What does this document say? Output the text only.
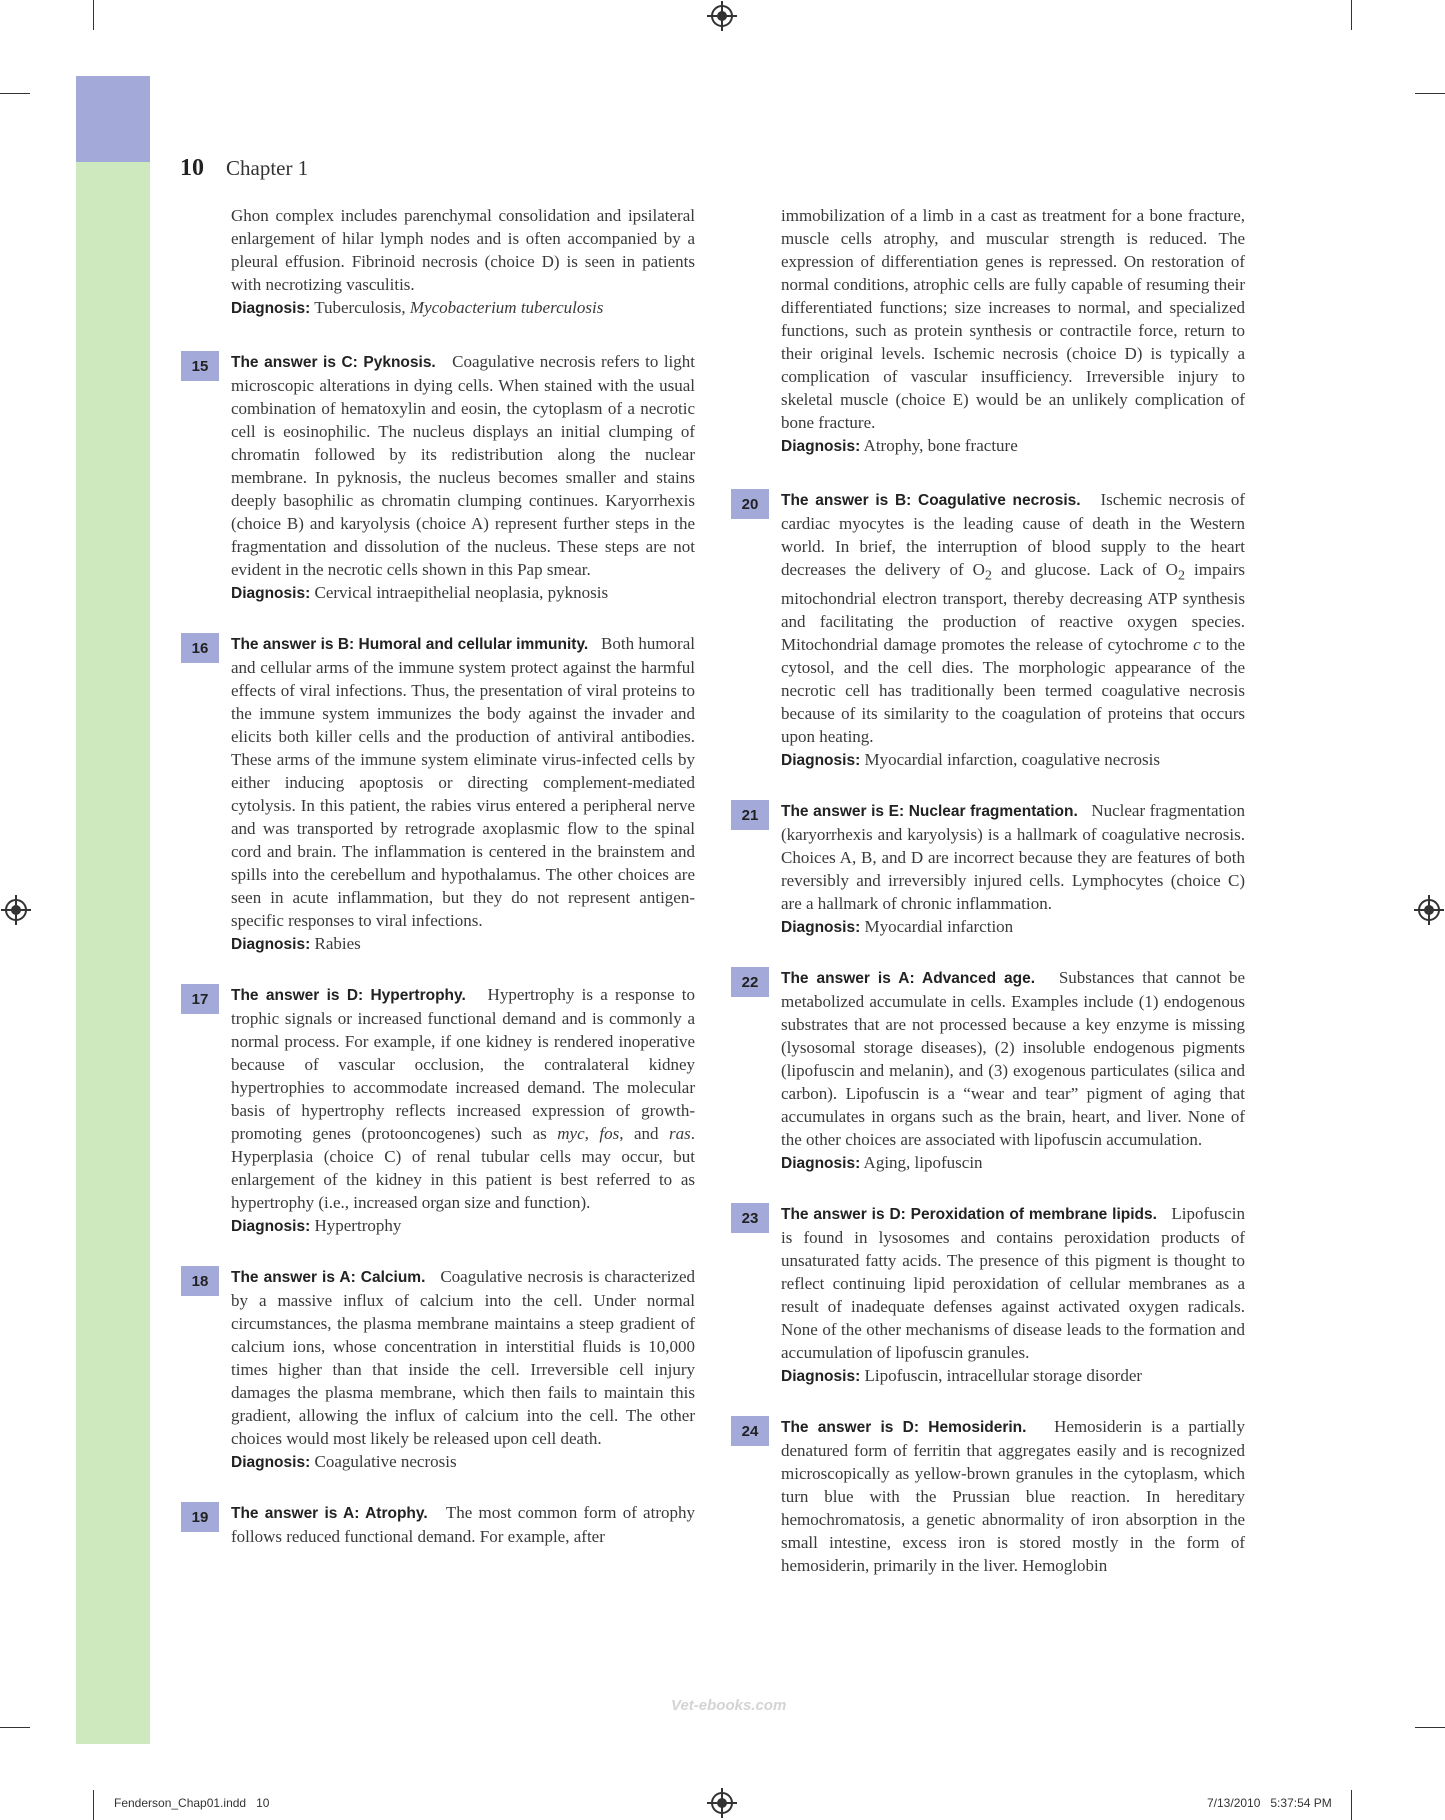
10 Chapter 1

Ghon complex includes parenchymal consolidation and ipsilateral enlargement of hilar lymph nodes and is often accompanied by a pleural effusion. Fibrinoid necrosis (choice D) is seen in patients with necrotizing vasculitis.

Diagnosis: Tuberculosis, Mycobacterium tuberculosis

15	The answer is C: Pyknosis. Coagulative necrosis refers to light microscopic alterations in dying cells. When stained with the usual combination of hematoxylin and eosin, the cytoplasm of a necrotic cell is eosinophilic. The nucleus displays an initial clumping of chromatin followed by its redistribution along the nuclear membrane. In pyknosis, the nucleus becomes smaller and stains deeply basophilic as chromatin clumping continues. Karyorrhexis (choice B) and karyolysis (choice A) represent further steps in the fragmentation and dissolution of the nucleus. These steps are not evident in the necrotic cells shown in this Pap smear.

Diagnosis: Cervical intraepithelial neoplasia, pyknosis

16	The answer is B: Humoral and cellular immunity. Both humoral and cellular arms of the immune system protect against the harmful effects of viral infections. Thus, the presentation of viral proteins to the immune system immunizes the body against the invader and elicits both killer cells and the production of antiviral antibodies. These arms of the immune system eliminate virus-infected cells by either inducing apoptosis or directing complement-mediated cytolysis. In this patient, the rabies virus entered a peripheral nerve and was transported by retrograde axoplasmic flow to the spinal cord and brain. The inflammation is centered in the brainstem and spills into the cerebellum and hypothalamus. The other choices are seen in acute inflammation, but they do not represent antigen-specific responses to viral infections.

Diagnosis: Rabies

17	The answer is D: Hypertrophy. Hypertrophy is a response to trophic signals or increased functional demand and is commonly a normal process. For example, if one kidney is rendered inoperative because of vascular occlusion, the contralateral kidney hypertrophies to accommodate increased demand. The molecular basis of hypertrophy reflects increased expression of growth-promoting genes (protooncogenes) such as myc, fos, and ras. Hyperplasia (choice C) of renal tubular cells may occur, but enlargement of the kidney in this patient is best referred to as hypertrophy (i.e., increased organ size and function).

Diagnosis: Hypertrophy

18	The answer is A: Calcium. Coagulative necrosis is characterized by a massive influx of calcium into the cell. Under normal circumstances, the plasma membrane maintains a steep gradient of calcium ions, whose concentration in interstitial fluids is 10,000 times higher than that inside the cell. Irreversible cell injury damages the plasma membrane, which then fails to maintain this gradient, allowing the influx of calcium into the cell. The other choices would most likely be released upon cell death.

Diagnosis: Coagulative necrosis

19	The answer is A: Atrophy. The most common form of atrophy follows reduced functional demand. For example, after

immobilization of a limb in a cast as treatment for a bone fracture, muscle cells atrophy, and muscular strength is reduced. The expression of differentiation genes is repressed. On restoration of normal conditions, atrophic cells are fully capable of resuming their differentiated functions; size increases to normal, and specialized functions, such as protein synthesis or contractile force, return to their original levels. Ischemic necrosis (choice D) is typically a complication of vascular insufficiency. Irreversible injury to skeletal muscle (choice E) would be an unlikely complication of bone fracture.

Diagnosis: Atrophy, bone fracture

20	The answer is B: Coagulative necrosis. Ischemic necrosis of cardiac myocytes is the leading cause of death in the Western world. In brief, the interruption of blood supply to the heart decreases the delivery of $O_2$ and glucose. Lack of $O_2$ impairs mitochondrial electron transport, thereby decreasing ATP synthesis and facilitating the production of reactive oxygen species. Mitochondrial damage promotes the release of cytochrome c to the cytosol, and the cell dies. The morphologic appearance of the necrotic cell has traditionally been termed coagulative necrosis because of its similarity to the coagulation of proteins that occurs upon heating.

Diagnosis: Myocardial infarction, coagulative necrosis

21	The answer is E: Nuclear fragmentation. Nuclear fragmentation (karyorrhexis and karyolysis) is a hallmark of coagulative necrosis. Choices A, B, and D are incorrect because they are features of both reversibly and irreversibly injured cells. Lymphocytes (choice C) are a hallmark of chronic inflammation.

Diagnosis: Myocardial infarction

22	The answer is A: Advanced age. Substances that cannot be metabolized accumulate in cells. Examples include (1) endogenous substrates that are not processed because a key enzyme is missing (lysosomal storage diseases), (2) insoluble endogenous pigments (lipofuscin and melanin), and (3) exogenous particulates (silica and carbon). Lipofuscin is a “wear and tear” pigment of aging that accumulates in organs such as the brain, heart, and liver. None of the other choices are associated with lipofuscin accumulation.

Diagnosis: Aging, lipofuscin

23	The answer is D: Peroxidation of membrane lipids. Lipofuscin is found in lysosomes and contains peroxidation products of unsaturated fatty acids. The presence of this pigment is thought to reflect continuing lipid peroxidation of cellular membranes as a result of inadequate defenses against activated oxygen radicals. None of the other mechanisms of disease leads to the formation and accumulation of lipofuscin granules.

Diagnosis: Lipofuscin, intracellular storage disorder

24	The answer is D: Hemosiderin. Hemosiderin is a partially denatured form of ferritin that aggregates easily and is recognized microscopically as yellow-brown granules in the cytoplasm, which turn blue with the Prussian blue reaction. In hereditary hemochromatosis, a genetic abnormality of iron absorption in the small intestine, excess iron is stored mostly in the form of hemosiderin, primarily in the liver. Hemoglobin

Vet-ebooks.com
Fenderson_Chap01.indd   10	7/13/2010   5:37:54 PM
